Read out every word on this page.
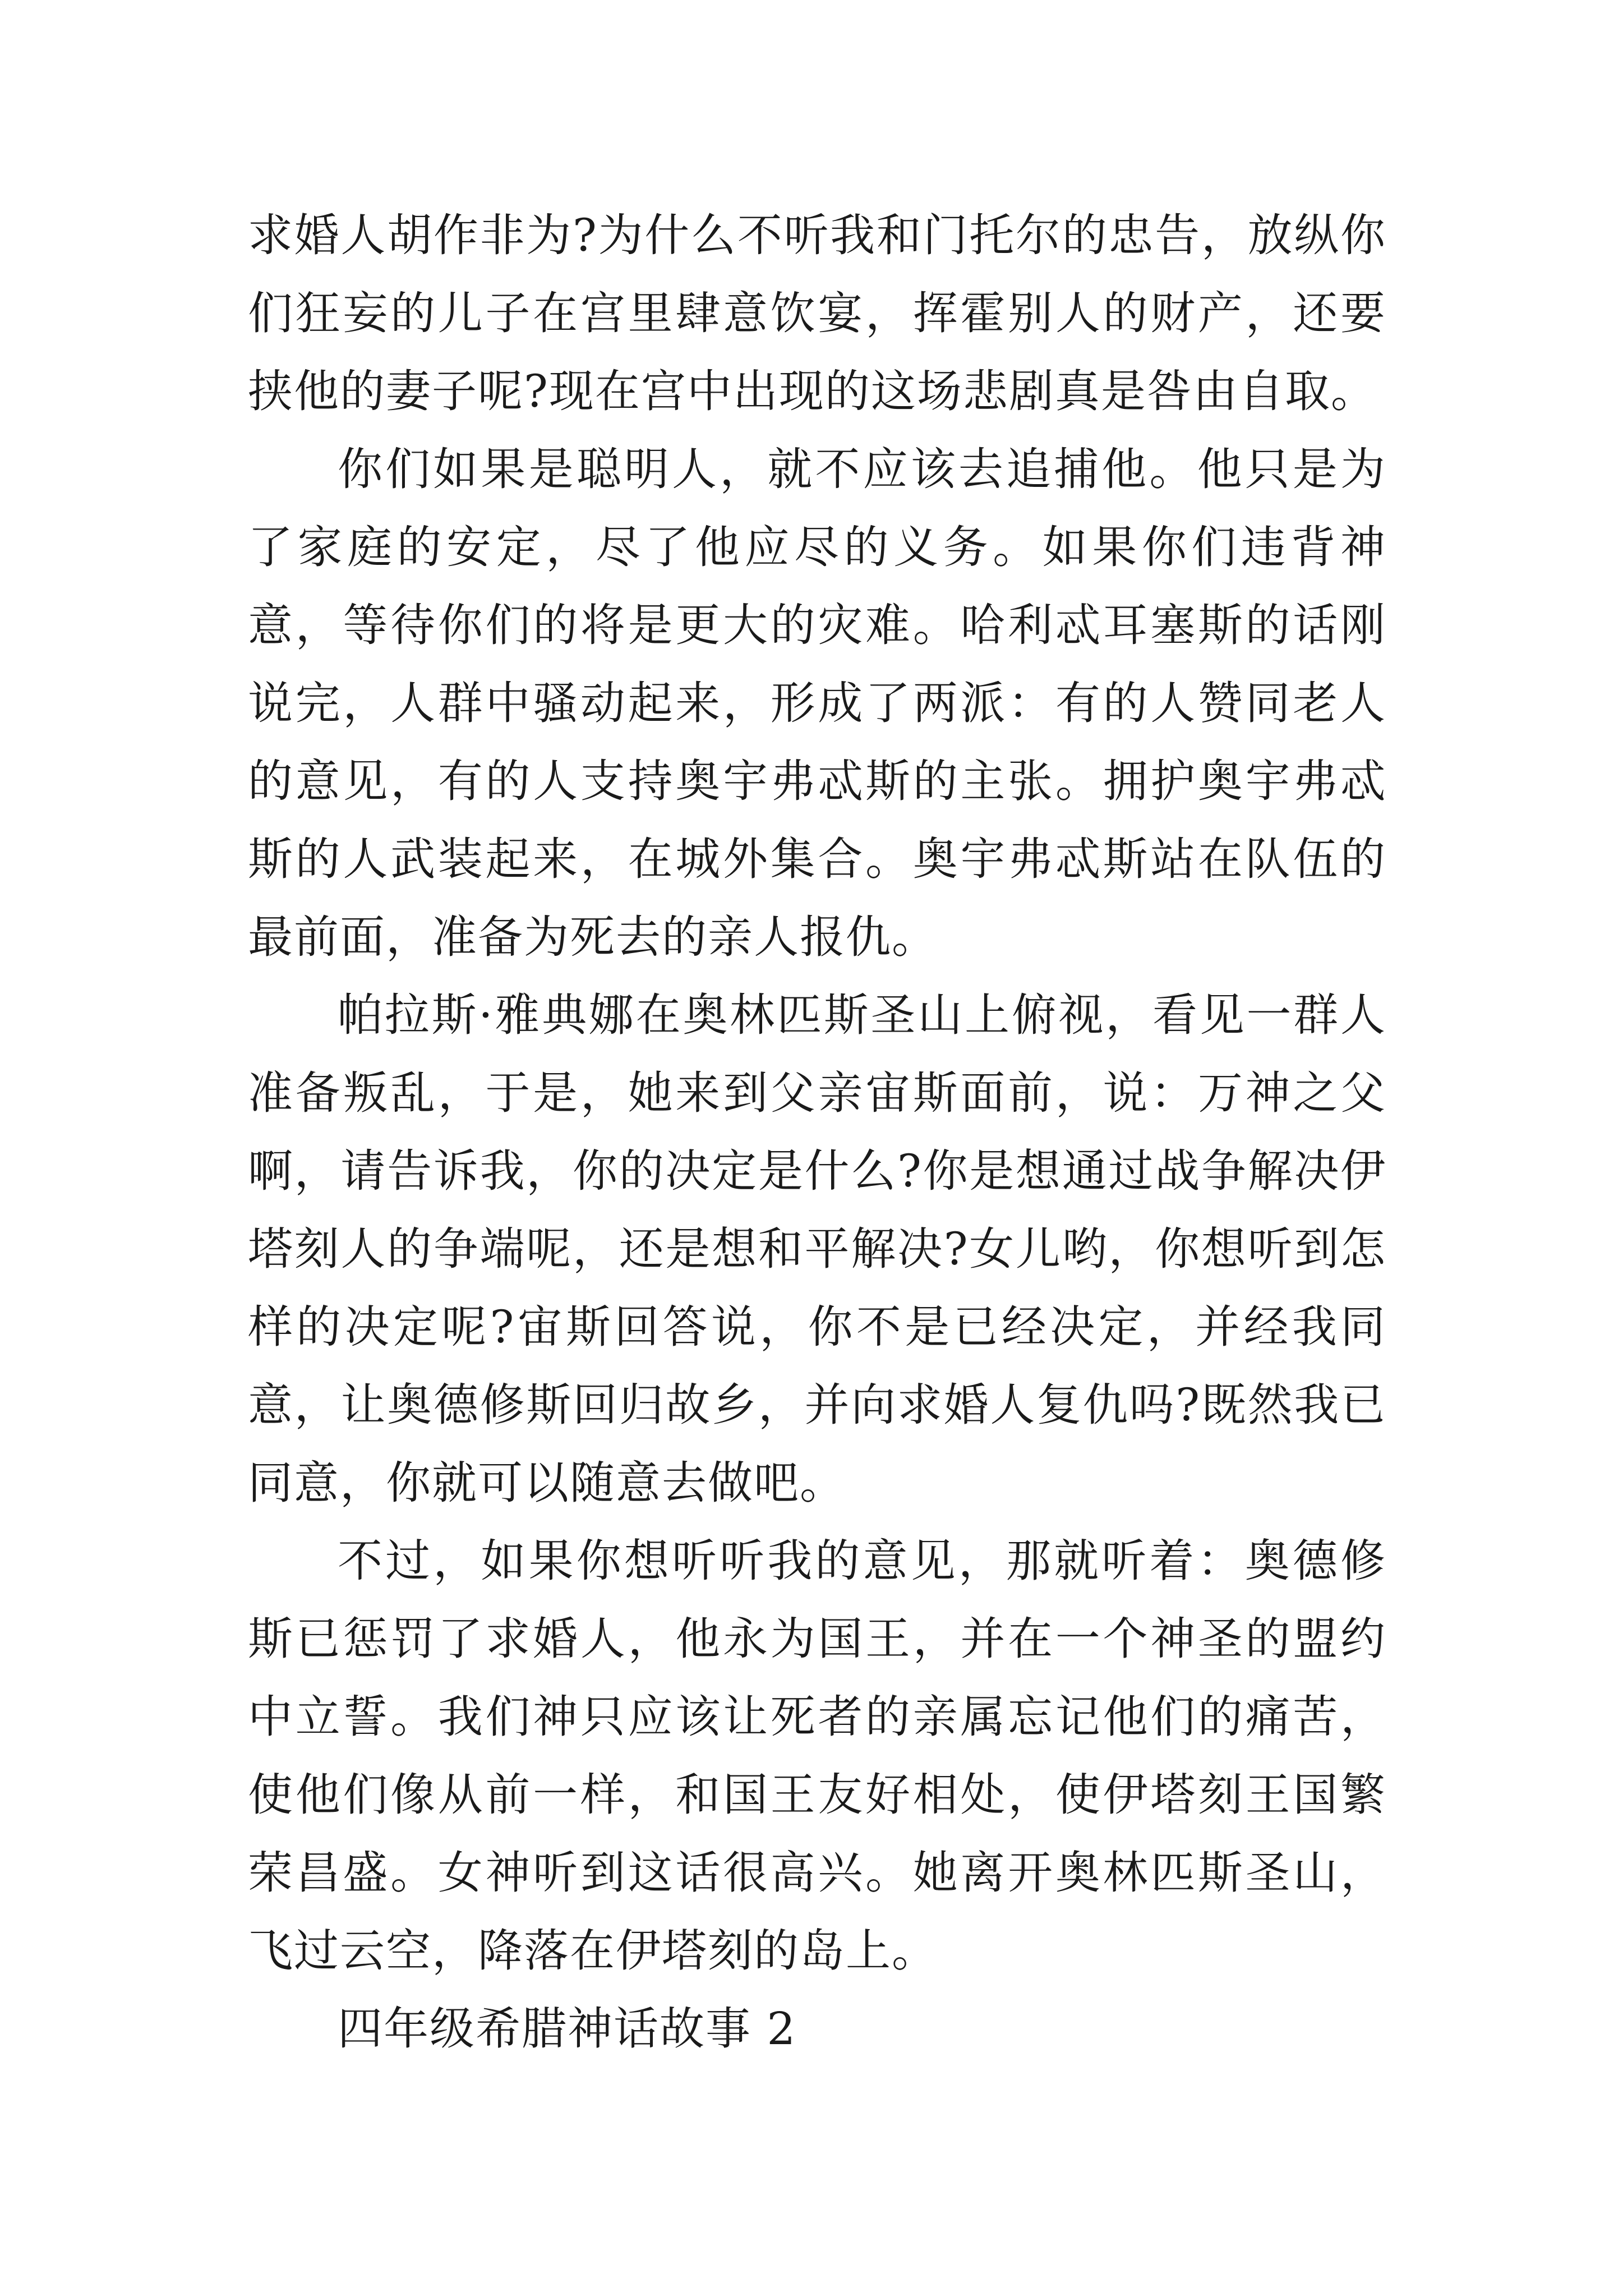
求婚人胡作非为?为什么不听我和门托尔的忠告，放纵你们狂妄的儿子在宫里肆意饮宴，挥霍别人的财产，还要挟他的妻子呢?现在宫中出现的这场悲剧真是咎由自取。

你们如果是聪明人，就不应该去追捕他。他只是为了家庭的安定，尽了他应尽的义务。如果你们违背神意，等待你们的将是更大的灾难。哈利忒耳塞斯的话刚说完，人群中骚动起来，形成了两派：有的人赞同老人的意见，有的人支持奥宇弗忒斯的主张。拥护奥宇弗忒斯的人武装起来，在城外集合。奥宇弗忒斯站在队伍的最前面，准备为死去的亲人报仇。

帕拉斯·雅典娜在奥林匹斯圣山上俯视，看见一群人准备叛乱，于是，她来到父亲宙斯面前，说：万神之父啊，请告诉我，你的决定是什么?你是想通过战争解决伊塔刻人的争端呢，还是想和平解决?女儿哟，你想听到怎样的决定呢?宙斯回答说，你不是已经决定，并经我同意，让奥德修斯回归故乡，并向求婚人复仇吗?既然我已同意，你就可以随意去做吧。

不过，如果你想听听我的意见，那就听着：奥德修斯已惩罚了求婚人，他永为国王，并在一个神圣的盟约中立誓。我们神只应该让死者的亲属忘记他们的痛苦，使他们像从前一样，和国王友好相处，使伊塔刻王国繁荣昌盛。女神听到这话很高兴。她离开奥林匹斯圣山，飞过云空，降落在伊塔刻的岛上。

四年级希腊神话故事 2
